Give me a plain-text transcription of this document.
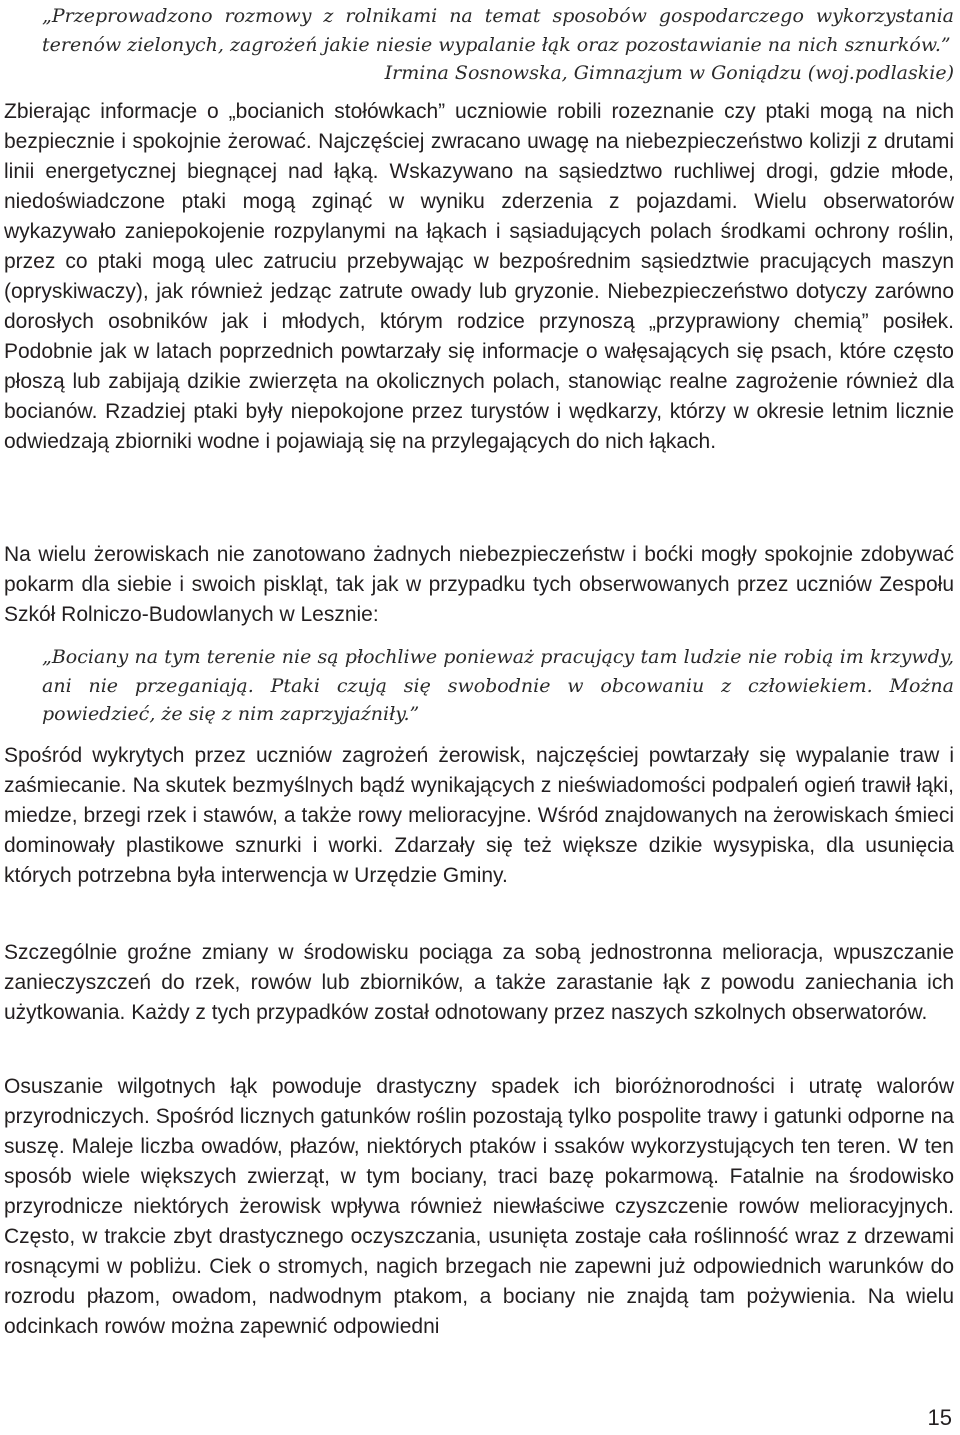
„Przeprowadzono rozmowy z rolnikami na temat sposobów gospodarczego wykorzystania terenów zielonych, zagrożeń jakie niesie wypalanie łąk oraz pozostawianie na nich sznurków.”
Irmina Sosnowska, Gimnazjum w Goniądzu (woj.podlaskie)

Zbierając informacje o „bocianich stołówkach” uczniowie robili rozeznanie czy ptaki mogą na nich bezpiecznie i spokojnie żerować. Najczęściej zwracano uwagę na niebezpieczeństwo kolizji z drutami linii energetycznej biegnącej nad łąką. Wskazywano na sąsiedztwo ruchliwej drogi, gdzie młode, niedoświadczone ptaki mogą zginąć w wyniku zderzenia z pojazdami. Wielu obserwatorów wykazywało zaniepokojenie rozpylanymi na łąkach i sąsiadujących polach środkami ochrony roślin, przez co ptaki mogą ulec zatruciu przebywając w bezpośrednim sąsiedztwie pracujących maszyn (opryskiwaczy), jak również jedząc zatrute owady lub gryzonie. Niebezpieczeństwo dotyczy zarówno dorosłych osobników jak i młodych, którym rodzice przynoszą „przyprawiony chemią” posiłek. Podobnie jak w latach poprzednich powtarzały się informacje o wałęsających się psach, które często płoszą lub zabijają dzikie zwierzęta na okolicznych polach, stanowiąc realne zagrożenie również dla bocianów. Rzadziej ptaki były niepokojone przez turystów i wędkarzy, którzy w okresie letnim licznie odwiedzają zbiorniki wodne i pojawiają się na przylegających do nich łąkach.

Na wielu żerowiskach nie zanotowano żadnych niebezpieczeństw i boćki mogły spokojnie zdobywać pokarm dla siebie i swoich piskląt, tak jak w przypadku tych obserwowanych przez uczniów Zespołu Szkół Rolniczo-Budowlanych w Lesznie:

„Bociany na tym terenie nie są płochliwe ponieważ pracujący tam ludzie nie robią im krzywdy, ani nie przeganiają. Ptaki czują się swobodnie w obcowaniu z człowiekiem. Można powiedzieć, że się z nim zaprzyjaźniły.”

Spośród wykrytych przez uczniów zagrożeń żerowisk, najczęściej powtarzały się wypalanie traw i zaśmiecanie. Na skutek bezmyślnych bądź wynikających z nieświadomości podpaleń ogień trawił łąki, miedze, brzegi rzek i stawów, a także rowy melioracyjne. Wśród znajdowanych na żerowiskach śmieci dominowały plastikowe sznurki i worki. Zdarzały się też większe dzikie wysypiska, dla usunięcia których potrzebna była interwencja w Urzędzie Gminy.

Szczególnie groźne zmiany w środowisku pociąga za sobą jednostronna melioracja, wpuszczanie zanieczyszczeń do rzek, rowów lub zbiorników, a także zarastanie łąk z powodu zaniechania ich użytkowania. Każdy z tych przypadków został odnotowany przez naszych szkolnych obserwatorów.

Osuszanie wilgotnych łąk powoduje drastyczny spadek ich bioróżnorodności i utratę walorów przyrodniczych. Spośród licznych gatunków roślin pozostają tylko pospolite trawy i gatunki odporne na suszę. Maleje liczba owadów, płazów, niektórych ptaków i ssaków wykorzystujących ten teren. W ten sposób wiele większych zwierząt, w tym bociany, traci bazę pokarmową. Fatalnie na środowisko przyrodnicze niektórych żerowisk wpływa również niewłaściwe czyszczenie rowów melioracyjnych. Często, w trakcie zbyt drastycznego oczyszczania, usunięta zostaje cała roślinność wraz z drzewami rosnącymi w pobliżu. Ciek o stromych, nagich brzegach nie zapewni już odpowiednich warunków do rozrodu płazom, owadom, nadwodnym ptakom, a bociany nie znajdą tam pożywienia. Na wielu odcinkach rowów można zapewnić odpowiedni

15
